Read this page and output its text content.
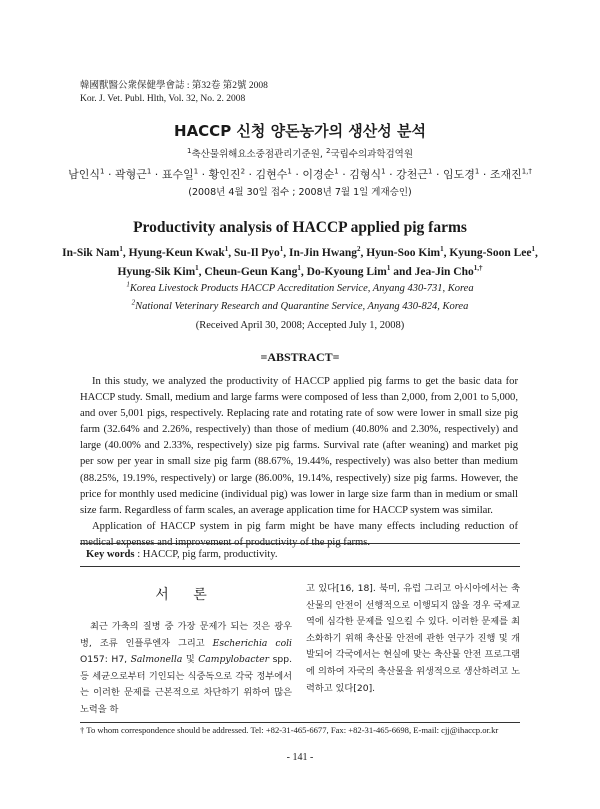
韓國獸醫公衆保健學會誌 : 第32卷 第2號 2008
Kor. J. Vet. Publ. Hlth, Vol. 32, No. 2. 2008
HACCP 신청 양돈농가의 생산성 분석
$^1$축산물위해요소중점관리기준원, $^2$국립수의과학검역원
남인식$^1$ · 곽형근$^1$ · 표수일$^1$ · 황인진$^2$ · 김현수$^1$ · 이경순$^1$ · 김형식$^1$ · 강천근$^1$ · 임도경$^1$ · 조재진$^{1,\dagger}$
(2008년 4월 30일 접수 ; 2008년 7월 1일 게재승인)
Productivity analysis of HACCP applied pig farms
In-Sik Nam$^1$, Hyung-Keun Kwak$^1$, Su-Il Pyo$^1$, In-Jin Hwang$^2$, Hyun-Soo Kim$^1$, Kyung-Soon Lee$^1$,
Hyung-Sik Kim$^1$, Cheun-Geun Kang$^1$, Do-Kyoung Lim$^1$ and Jea-Jin Cho$^{1,\dagger}$
$^1$Korea Livestock Products HACCP Accreditation Service, Anyang 430-731, Korea
$^2$National Veterinary Research and Quarantine Service, Anyang 430-824, Korea
(Received April 30, 2008; Accepted July 1, 2008)
=ABSTRACT=

In this study, we analyzed the productivity of HACCP applied pig farms to get the basic data for HACCP study. Small, medium and large farms were composed of less than 2,000, from 2,001 to 5,000, and over 5,001 pigs, respectively. Replacing rate and rotating rate of sow were lower in small size pig farm (32.64% and 2.26%, respectively) than those of medium (40.80% and 2.30%, respectively) and large (40.00% and 2.33%, respectively) size pig farms. Survival rate (after weaning) and market pig per sow per year in small size pig farm (88.67%, 19.44%, respectively) was also better than medium (88.25%, 19.19%, respectively) or large (86.00%, 19.14%, respectively) size pig farms. However, the price for monthly used medicine (individual pig) was lower in large size farm than in medium or small size farm. Regardless of farm scales, an average application time for HACCP system was similar.

Application of HACCP system in pig farm might be have many effects including reduction of medical expenses and improvement of productivity of the pig farms.

Key words : HACCP, pig farm, productivity.
서 론

최근 가축의 질병 중 가장 문제가 되는 것은 광우병, 조류 인플루엔자 그리고 Escherichia coli O157: H7, Salmonella 및 Campylobacter spp. 등 세균으로부터 기인되는 식중독으로 각국 정부에서는 이러한 문제를 근본적으로 차단하기 위하여 많은 노력을 하

고 있다[16, 18]. 북미, 유럽 그리고 아시아에서는 축산물의 안전이 선행적으로 이행되지 않을 경우 국제교역에 심각한 문제를 일으킬 수 있다. 이러한 문제를 최소화하기 위해 축산물 안전에 관한 연구가 진행 및 개발되어 각국에서는 현실에 맞는 축산물 안전 프로그램에 의하여 자국의 축산물을 위생적으로 생산하려고 노력하고 있다[20].

† To whom correspondence should be addressed. Tel: +82-31-465-6677, Fax: +82-31-465-6698, E-mail: cjj@ihaccp.or.kr
- 141 -
